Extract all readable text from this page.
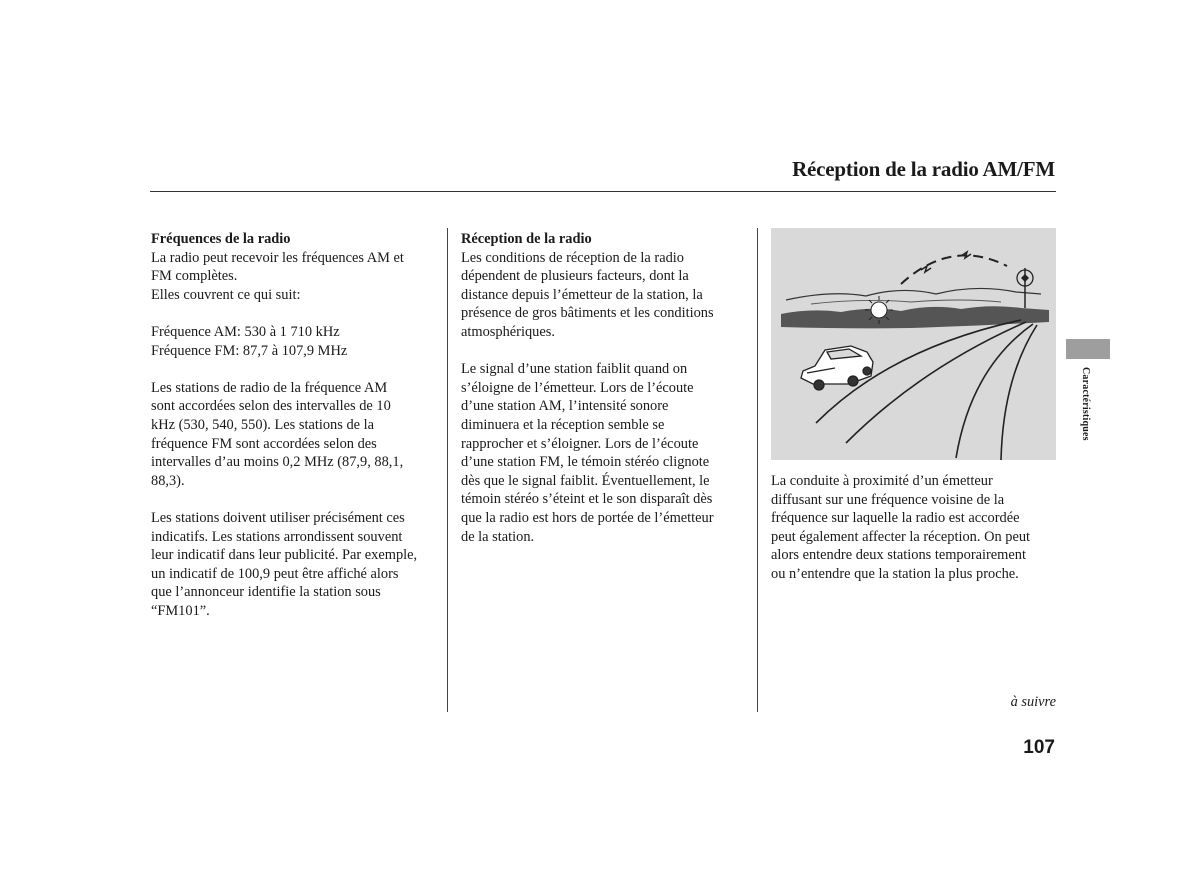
Réception de la radio AM/FM
Fréquences de la radio

La radio peut recevoir les fréquences AM et
FM complètes.
Elles couvrent ce qui suit:

Fréquence AM: 530 à 1 710 kHz
Fréquence FM: 87,7 à 107,9 MHz

Les stations de radio de la fréquence AM
sont accordées selon des intervalles de 10
kHz (530, 540, 550). Les stations de la
fréquence FM sont accordées selon des
intervalles d’au moins 0,2 MHz (87,9, 88,1,
88,3).

Les stations doivent utiliser précisément ces
indicatifs. Les stations arrondissent souvent
leur indicatif dans leur publicité. Par exemple,
un indicatif de 100,9 peut être affiché alors
que l’annonceur identifie la station sous
“FM101”.

Réception de la radio

Les conditions de réception de la radio
dépendent de plusieurs facteurs, dont la
distance depuis l’émetteur de la station, la
présence de gros bâtiments et les conditions
atmosphériques.

Le signal d’une station faiblit quand on
s’éloigne de l’émetteur. Lors de l’écoute
d’une station AM, l’intensité sonore
diminuera et la réception semble se
rapprocher et s’éloigner. Lors de l’écoute
d’une station FM, le témoin stéréo clignote
dès que le signal faiblit. Éventuellement, le
témoin stéréo s’éteint et le son disparaît dès
que la radio est hors de portée de l’émetteur
de la station.

La conduite à proximité d’un émetteur
diffusant sur une fréquence voisine de la
fréquence sur laquelle la radio est accordée
peut également affecter la réception. On peut
alors entendre deux stations temporairement
ou n’entendre que la station la plus proche.

Caractéristiques
à suivre
107
